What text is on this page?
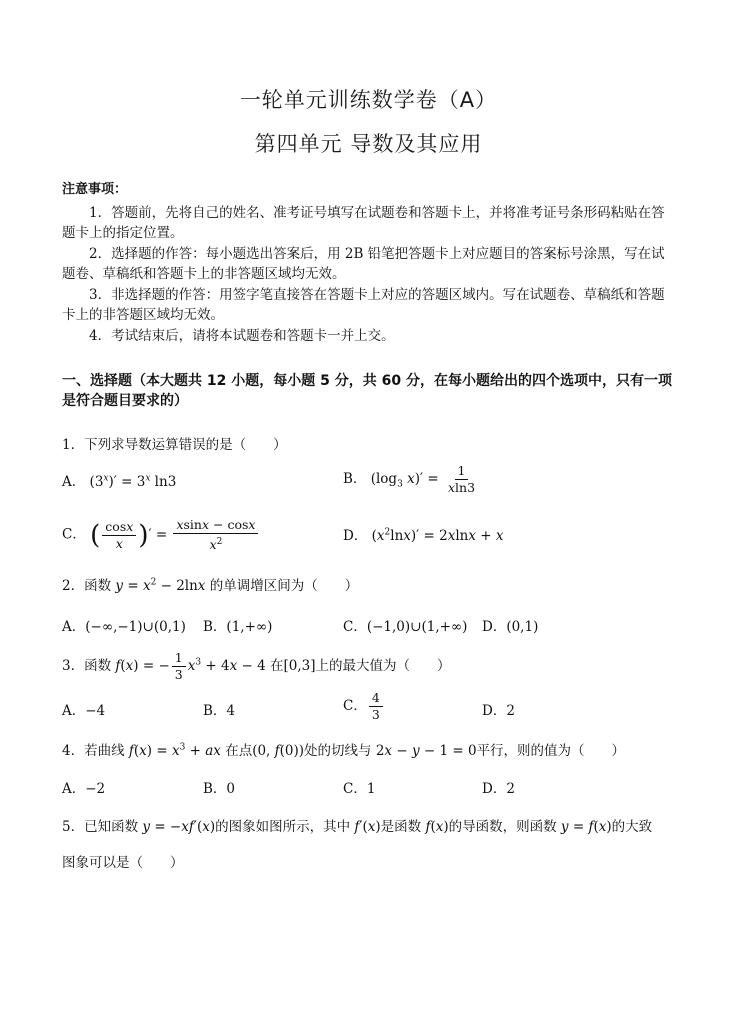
一轮单元训练数学卷（A）
第四单元 导数及其应用
注意事项：
　　1．答题前，先将自己的姓名、准考证号填写在试题卷和答题卡上，并将准考证号条形码粘贴在答题卡上的指定位置。
　　2．选择题的作答：每小题选出答案后，用 2B 铅笔把答题卡上对应题目的答案标号涂黑，写在试题卷、草稿纸和答题卡上的非答题区域均无效。
　　3．非选择题的作答：用签字笔直接答在答题卡上对应的答题区域内。写在试题卷、草稿纸和答题卡上的非答题区域均无效。
　　4．考试结束后，请将本试题卷和答题卡一并上交。
一、选择题（本大题共 12 小题，每小题 5 分，共 60 分，在每小题给出的四个选项中，只有一项是符合题目要求的）
1．下列求导数运算错误的是（　　）
A． $(3^x)' = 3^x$ ln3	B． ($\log_3$ $x)' = \frac{1}{xln3}$
C． ( $\frac{\cos x}{x}$ )′ = $\frac{xsinx - \cos x}{x^2}$	D． $(x^2\ln x)' = 2xlnx + x$
2．函数 $y = x^2 - 2\ln x$ 的单调增区间为（　　）
A．(−∞,−1)∪(0,1) B．(1,+∞)	C．(−1,0)∪(1,+∞) D．(0,1)
3．函数 f(x) = − $\frac{1}{3} x^3 + 4x - 4$ 在[0,3]上的最大值为（　　）
A．−4	B．4	C． $\frac{4}{3}$	D．2
4．若曲线 $f(x) = x^3$ + ax 在点(0, f(0))处的切线与 2x − y − 1 = 0平行，则的值为（　　）
A．−2	B．0	C．1	D．2
5．已知函数 y = −xf′(x)的图象如图所示，其中 f′(x)是函数 f(x)的导函数，则函数 y = f(x)的大致
图象可以是（　　）
